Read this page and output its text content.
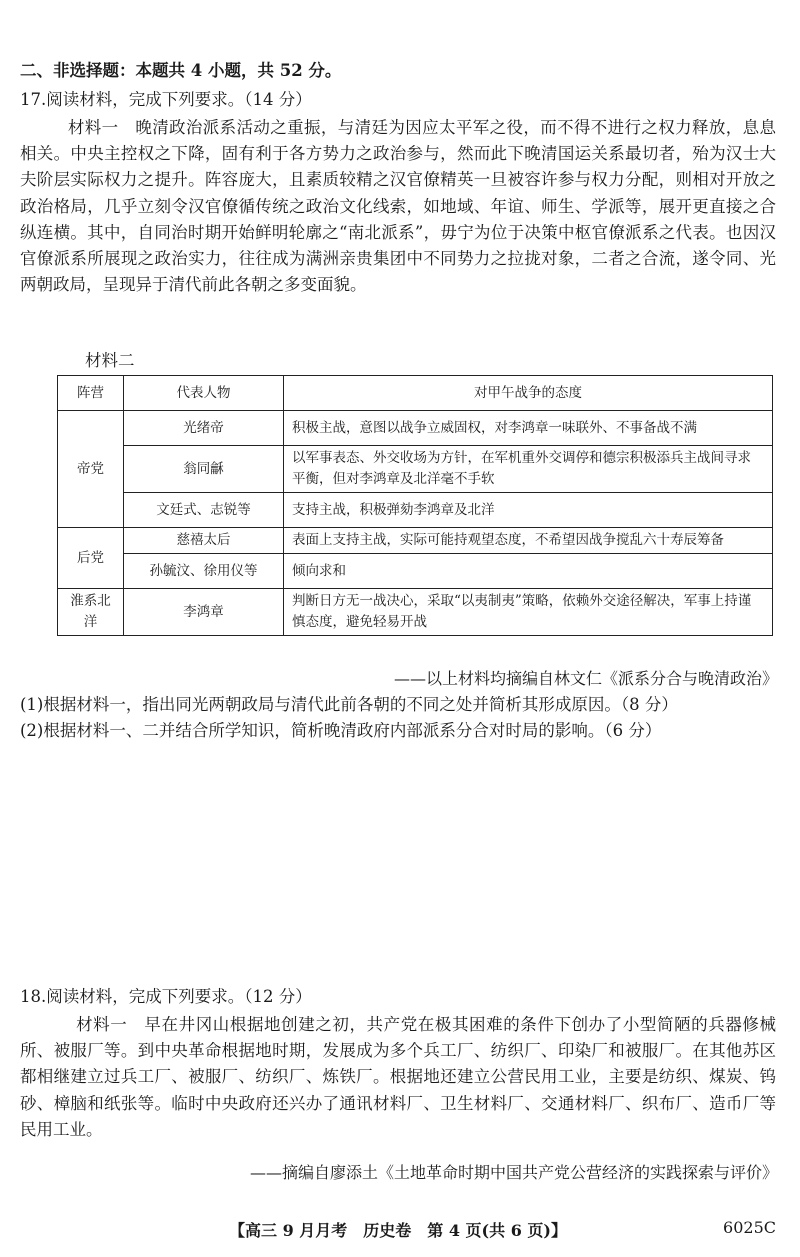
二、非选择题：本题共 4 小题，共 52 分。
17.阅读材料，完成下列要求。（14 分）
材料一　晚清政治派系活动之重振，与清廷为因应太平军之役，而不得不进行之权力释放，息息相关。中央主控权之下降，固有利于各方势力之政治参与，然而此下晚清国运关系最切者，殆为汉士大夫阶层实际权力之提升。阵容庞大，且素质较精之汉官僚精英一旦被容许参与权力分配，则相对开放之政治格局，几乎立刻令汉官僚循传统之政治文化线索，如地域、年谊、师生、学派等，展开更直接之合纵连横。其中，自同治时期开始鲜明轮廓之“南北派系”，毋宁为位于决策中枢官僚派系之代表。也因汉官僚派系所展现之政治实力，往往成为满洲亲贵集团中不同势力之拉拢对象，二者之合流，遂令同、光两朝政局，呈现异于清代前此各朝之多变面貌。
材料二
阵营	代表人物	对甲午战争的态度
帝党	光绪帝	积极主战，意图以战争立威固权，对李鸿章一味联外、不事备战不满
	翁同龢	以军事表态、外交收场为方针，在军机重外交调停和德宗积极添兵主战间寻求平衡，但对李鸿章及北洋毫不手软
	文廷式、志锐等	支持主战，积极弹劾李鸿章及北洋
后党	慈禧太后	表面上支持主战，实际可能持观望态度，不希望因战争搅乱六十寿辰筹备
	孙毓汶、徐用仪等	倾向求和
淮系北洋	李鸿章	判断日方无一战决心，采取“以夷制夷”策略，依赖外交途径解决，军事上持谨慎态度，避免轻易开战
——以上材料均摘编自林文仁《派系分合与晚清政治》
(1)根据材料一，指出同光两朝政局与清代此前各朝的不同之处并简析其形成原因。（8 分）
(2)根据材料一、二并结合所学知识，简析晚清政府内部派系分合对时局的影响。（6 分）
18.阅读材料，完成下列要求。（12 分）
材料一　早在井冈山根据地创建之初，共产党在极其困难的条件下创办了小型简陋的兵器修械所、被服厂等。到中央革命根据地时期，发展成为多个兵工厂、纺织厂、印染厂和被服厂。在其他苏区都相继建立过兵工厂、被服厂、纺织厂、炼铁厂。根据地还建立公营民用工业，主要是纺织、煤炭、钨砂、樟脑和纸张等。临时中央政府还兴办了通讯材料厂、卫生材料厂、交通材料厂、织布厂、造币厂等民用工业。
——摘编自廖添土《土地革命时期中国共产党公营经济的实践探索与评价》
【高三 9 月月考　历史卷　第 4 页(共 6 页)】	6025C
